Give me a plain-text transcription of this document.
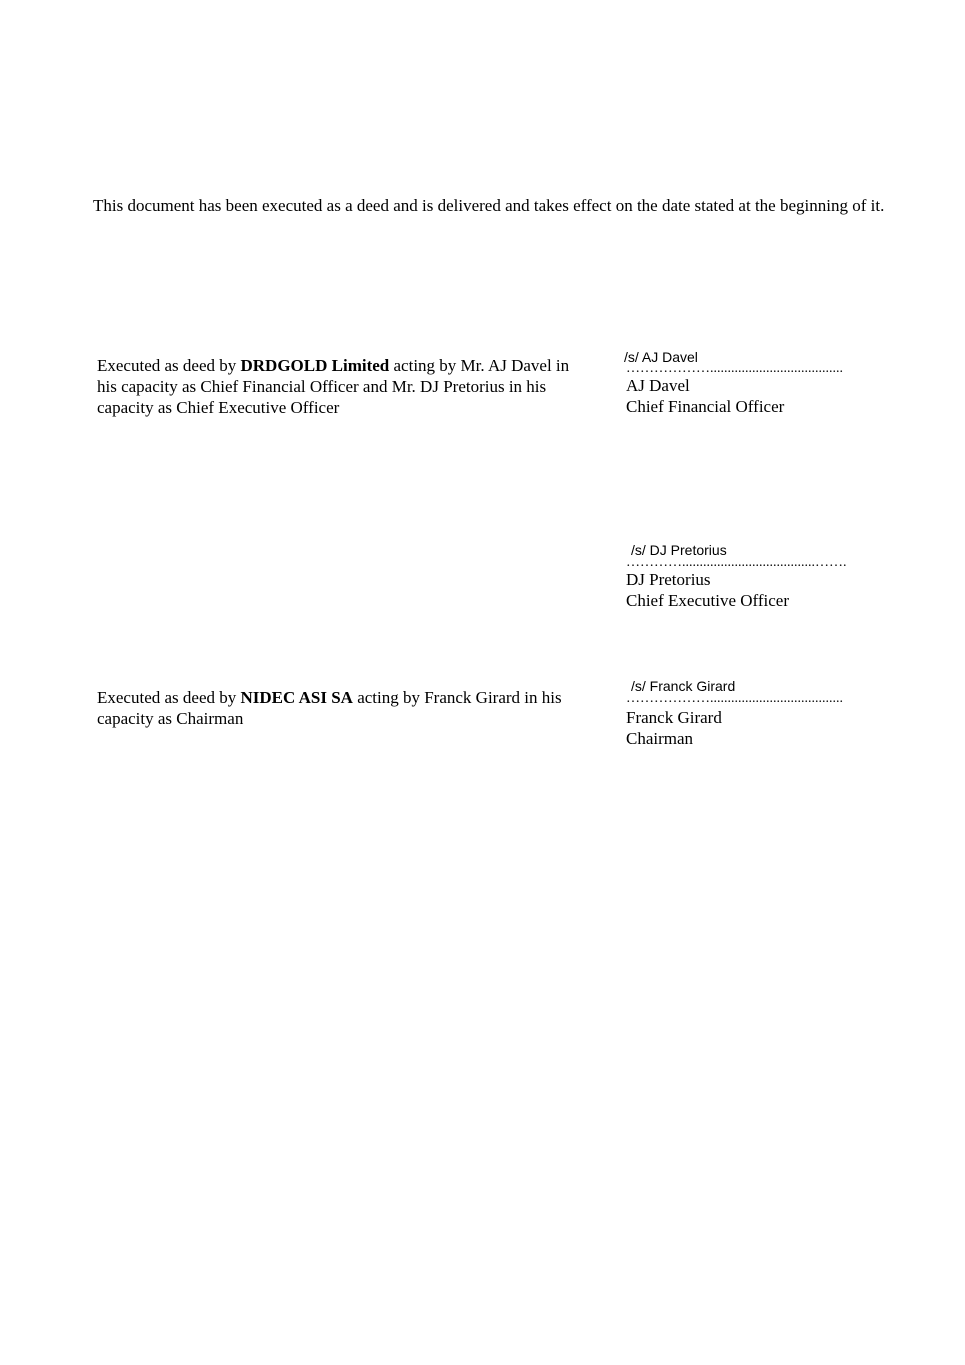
This document has been executed as a deed and is delivered and takes effect on the date stated at the beginning of it.

Executed as deed by DRDGOLD Limited acting by Mr. AJ Davel in his capacity as Chief Financial Officer and Mr. DJ Pretorius in his capacity as Chief Executive Officer

/s/ AJ Davel
………………......................................
AJ Davel
Chief Financial Officer
/s/ DJ Pretorius
…………......................................…….
DJ Pretorius
Chief Executive Officer

Executed as deed by NIDEC ASI SA acting by Franck Girard in his capacity as Chairman

/s/ Franck Girard
………………......................................
Franck Girard
Chairman
